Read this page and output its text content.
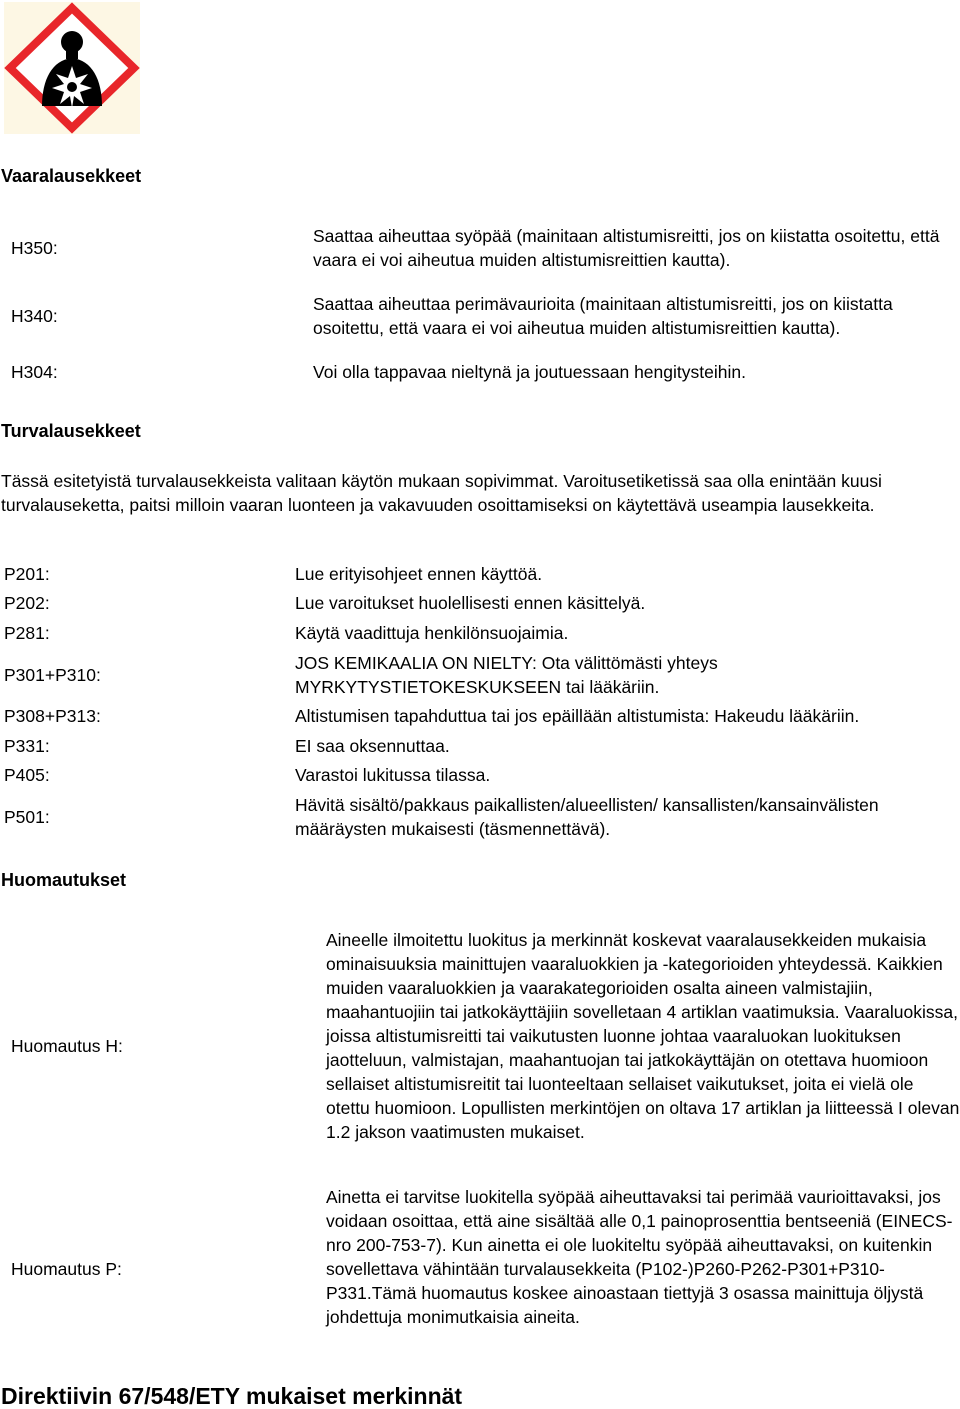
Vaaralausekkeet
H350:
Saattaa aiheuttaa syöpää (mainitaan altistumisreitti, jos on kiistatta osoitettu, että vaara ei voi aiheutua muiden altistumisreittien kautta).
H340:
Saattaa aiheuttaa perimävaurioita (mainitaan altistumisreitti, jos on kiistatta osoitettu, että vaara ei voi aiheutua muiden altistumisreittien kautta).
H304:	Voi olla tappavaa nieltynä ja joutuessaan hengitysteihin.
Turvalausekkeet
Tässä esitetyistä turvalausekkeista valitaan käytön mukaan sopivimmat. Varoitusetiketissä saa olla enintään kuusi turvalauseketta, paitsi milloin vaaran luonteen ja vakavuuden osoittamiseksi on käytettävä useampia lausekkeita.
P201:	Lue erityisohjeet ennen käyttöä.
P202:	Lue varoitukset huolellisesti ennen käsittelyä.
P281:	Käytä vaadittuja henkilönsuojaimia.
P301+P310:
JOS KEMIKAALIA ON NIELTY: Ota välittömästi yhteys MYRKYTYSTIETOKESKUKSEEN tai lääkäriin.
P308+P313:	Altistumisen tapahduttua tai jos epäillään altistumista: Hakeudu lääkäriin.
P331:	EI saa oksennuttaa.
P405:	Varastoi lukitussa tilassa.
P501:
Hävitä sisältö/pakkaus paikallisten/alueellisten/ kansallisten/kansainvälisten määräysten mukaisesti (täsmennettävä).
Huomautukset
Huomautus H:
Aineelle ilmoitettu luokitus ja merkinnät koskevat vaaralausekkeiden mukaisia ominaisuuksia mainittujen vaaraluokkien ja -kategorioiden yhteydessä. Kaikkien muiden vaaraluokkien ja vaarakategorioiden osalta aineen valmistajiin, maahantuojiin tai jatkokäyttäjiin sovelletaan 4 artiklan vaatimuksia. Vaaraluokissa, joissa altistumisreitti tai vaikutusten luonne johtaa vaaraluokan luokituksen jaotteluun, valmistajan, maahantuojan tai jatkokäyttäjän on otettava huomioon sellaiset altistumisreitit tai luonteeltaan sellaiset vaikutukset, joita ei vielä ole otettu huomioon. Lopullisten merkintöjen on oltava 17 artiklan ja liitteessä I olevan 1.2 jakson vaatimusten mukaiset.
Huomautus P:
Ainetta ei tarvitse luokitella syöpää aiheuttavaksi tai perimää vaurioittavaksi, jos voidaan osoittaa, että aine sisältää alle 0,1 painoprosenttia bentseeniä (EINECS-nro 200-753-7). Kun ainetta ei ole luokiteltu syöpää aiheuttavaksi, on kuitenkin sovellettava vähintään turvalausekkeita (P102-)P260-P262-P301+P310-P331.Tämä huomautus koskee ainoastaan tiettyjä 3 osassa mainittuja öljystä johdettuja monimutkaisia aineita.
Direktiivin 67/548/ETY mukaiset merkinnät
